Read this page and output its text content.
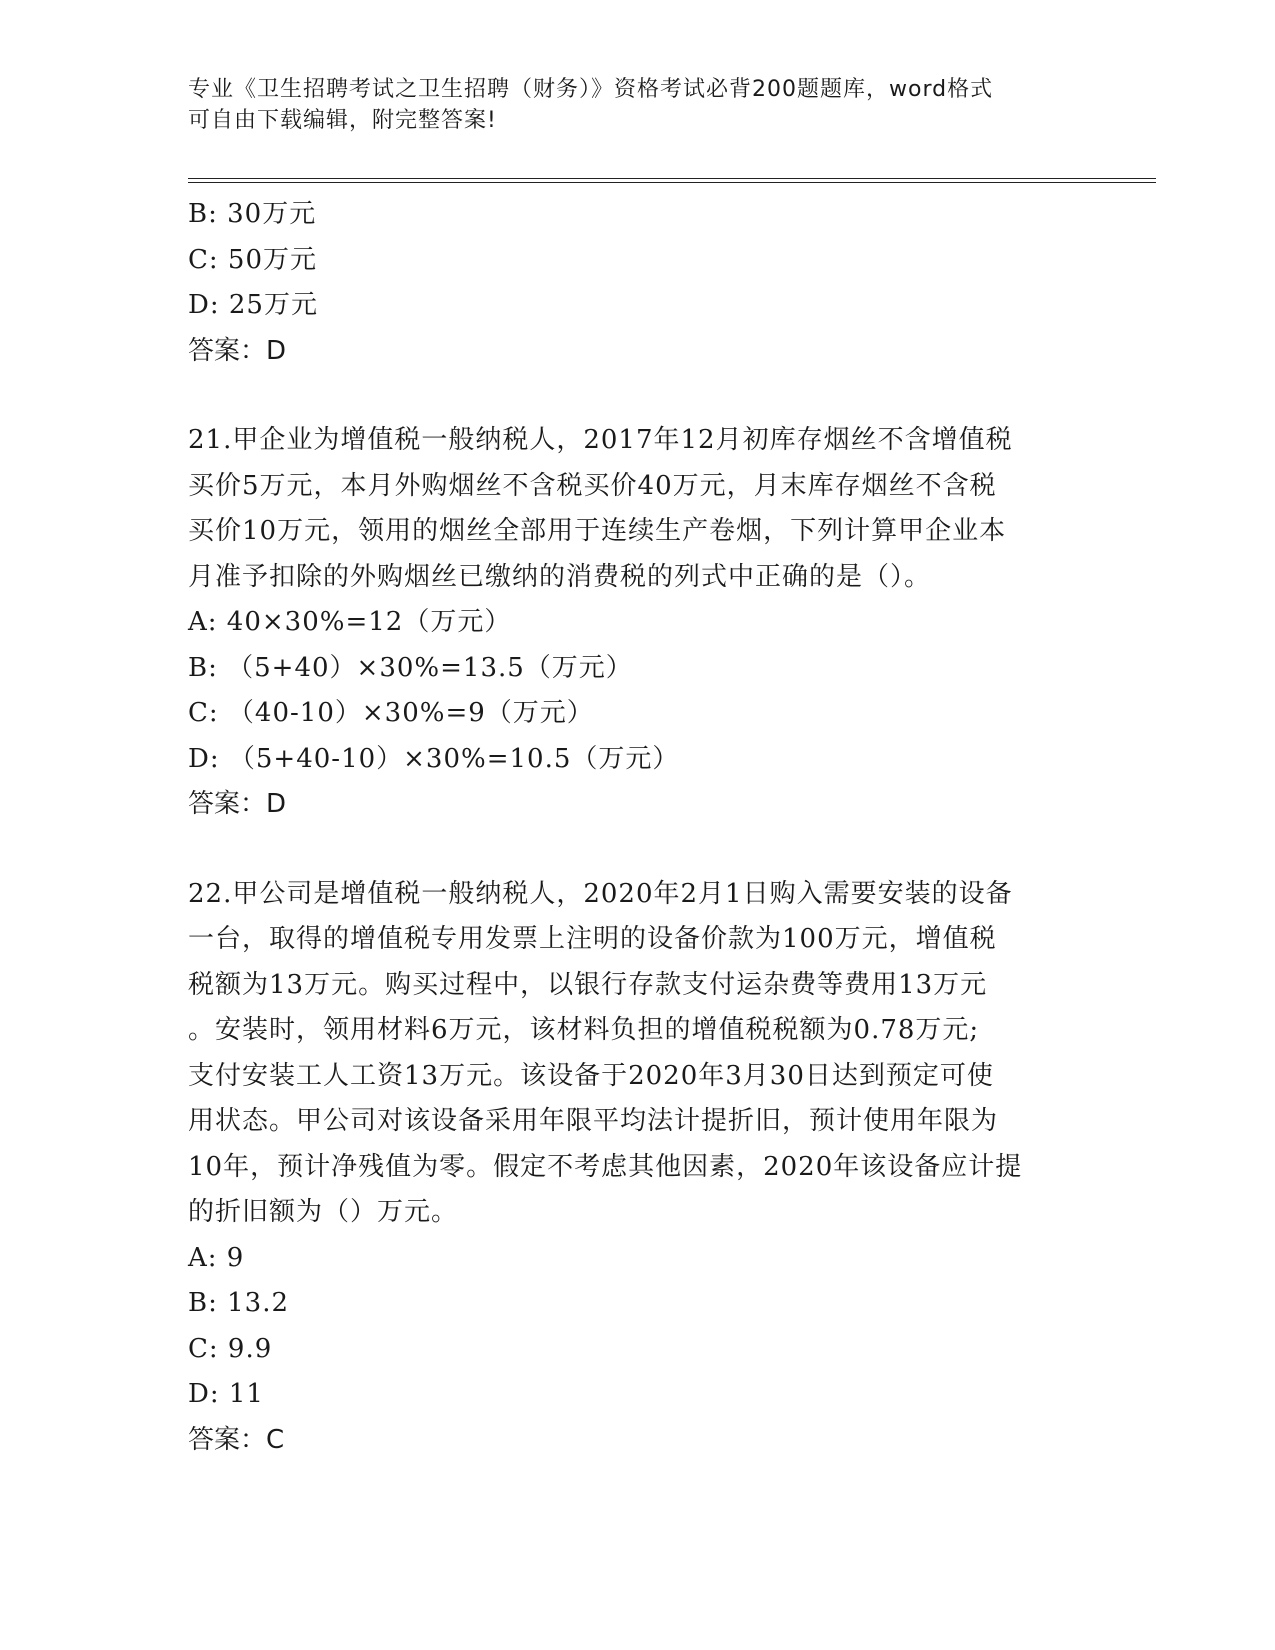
专业《卫生招聘考试之卫生招聘（财务）》资格考试必背200题题库，word格式
可自由下载编辑，附完整答案!
B: 30万元
C: 50万元
D: 25万元
答案：D
21.甲企业为增值税一般纳税人，2017年12月初库存烟丝不含增值税
买价5万元，本月外购烟丝不含税买价40万元，月末库存烟丝不含税
买价10万元，领用的烟丝全部用于连续生产卷烟，下列计算甲企业本
月准予扣除的外购烟丝已缴纳的消费税的列式中正确的是（）。
A: 40×30%=12（万元）
B: （5+40）×30%=13.5（万元）
C: （40-10）×30%=9（万元）
D: （5+40-10）×30%=10.5（万元）
答案：D
22.甲公司是增值税一般纳税人，2020年2月1日购入需要安装的设备
一台，取得的增值税专用发票上注明的设备价款为100万元，增值税
税额为13万元。购买过程中，以银行存款支付运杂费等费用13万元
。安装时，领用材料6万元，该材料负担的增值税税额为0.78万元;
支付安装工人工资13万元。该设备于2020年3月30日达到预定可使
用状态。甲公司对该设备采用年限平均法计提折旧，预计使用年限为
10年，预计净残值为零。假定不考虑其他因素，2020年该设备应计提
的折旧额为（）万元。
A: 9
B: 13.2
C: 9.9
D: 11
答案：C
